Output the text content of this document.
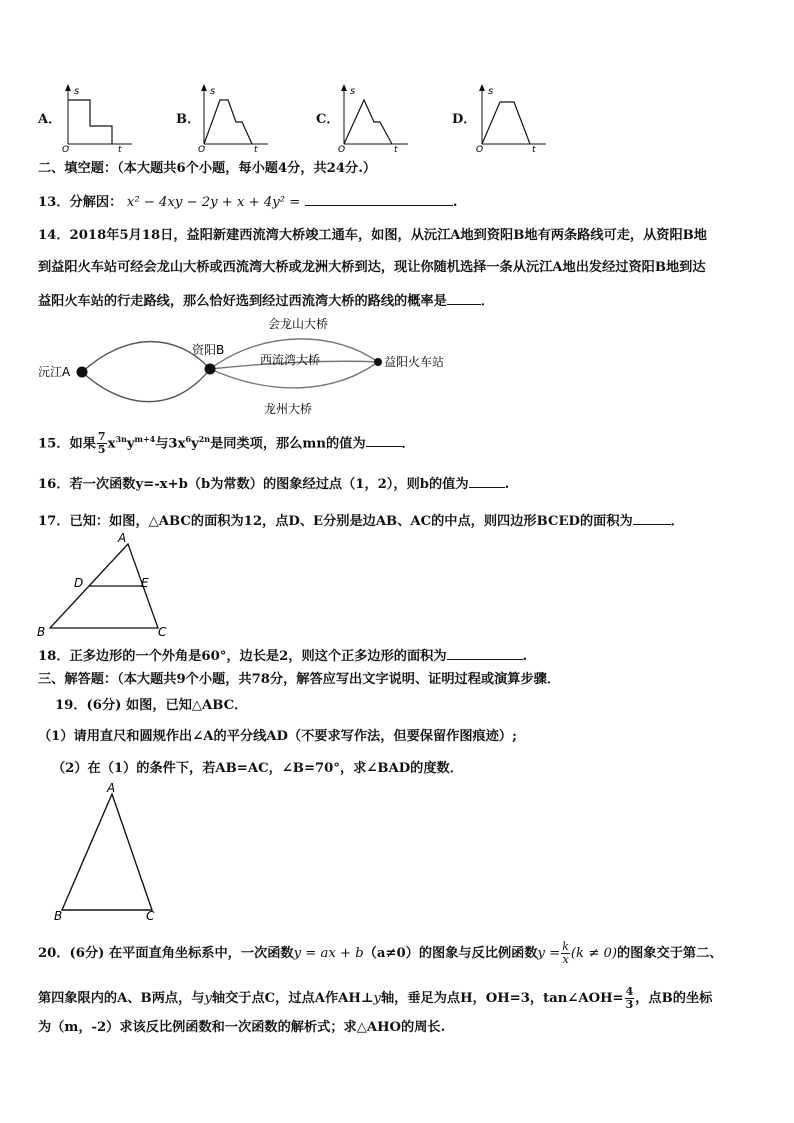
A．
s
O	t
B．
s
O	t
C．
s
O	t
D．
s
O	t
二、填空题：（本大题共6个小题，每小题4分，共24分.）
13．分解因： x² − 4xy − 2y + x + 4y² =	.
14．2018年5月18日，益阳新建西流湾大桥竣工通车，如图，从沅江A地到资阳B地有两条路线可走，从资阳B地
到益阳火车站可经会龙山大桥或西流湾大桥或龙洲大桥到达，现让你随机选择一条从沅江A地出发经过资阳B地到达
益阳火车站的行走路线，那么恰好选到经过西流湾大桥的路线的概率是	．
会龙山大桥
资阳B
西流湾大桥
沅江A
益阳火车站
龙州大桥
15．如果 $\frac{7}{5} x^{3n}y^{m+4}$与$3x^6y^{2n}$是同类项，那么mn的值为	．
16．若一次函数y=-x+b（b为常数）的图象经过点（1，2），则b的值为	.
17．已知：如图，△ABC的面积为12，点D、E分别是边AB、AC的中点，则四边形BCED的面积为	．
A
B	C
D	E
18．正多边形的一个外角是60°，边长是2，则这个正多边形的面积为	.
三、解答题：（本大题共9个小题，共78分，解答应写出文字说明、证明过程或演算步骤．
19．(6分) 如图，已知△ABC．
（1）请用直尺和圆规作出∠A的平分线AD（不要求写作法，但要保留作图痕迹）;
（2）在（1）的条件下，若AB=AC，∠B=70°，求∠BAD的度数．
A
B	C
20．(6分) 在平面直角坐标系中，一次函数y = ax + b（a≠0）的图象与反比例函数$y = \frac{k}{x} (k \ne 0)$的图象交于第二、
第四象限内的A、B两点，与y轴交于点C，过点A作AH⊥y轴，垂足为点H，OH=3，tan∠AOH= $\frac{4}{3}$ ，点B的坐标
为（m，-2）求该反比例函数和一次函数的解析式；求△AHO的周长.
